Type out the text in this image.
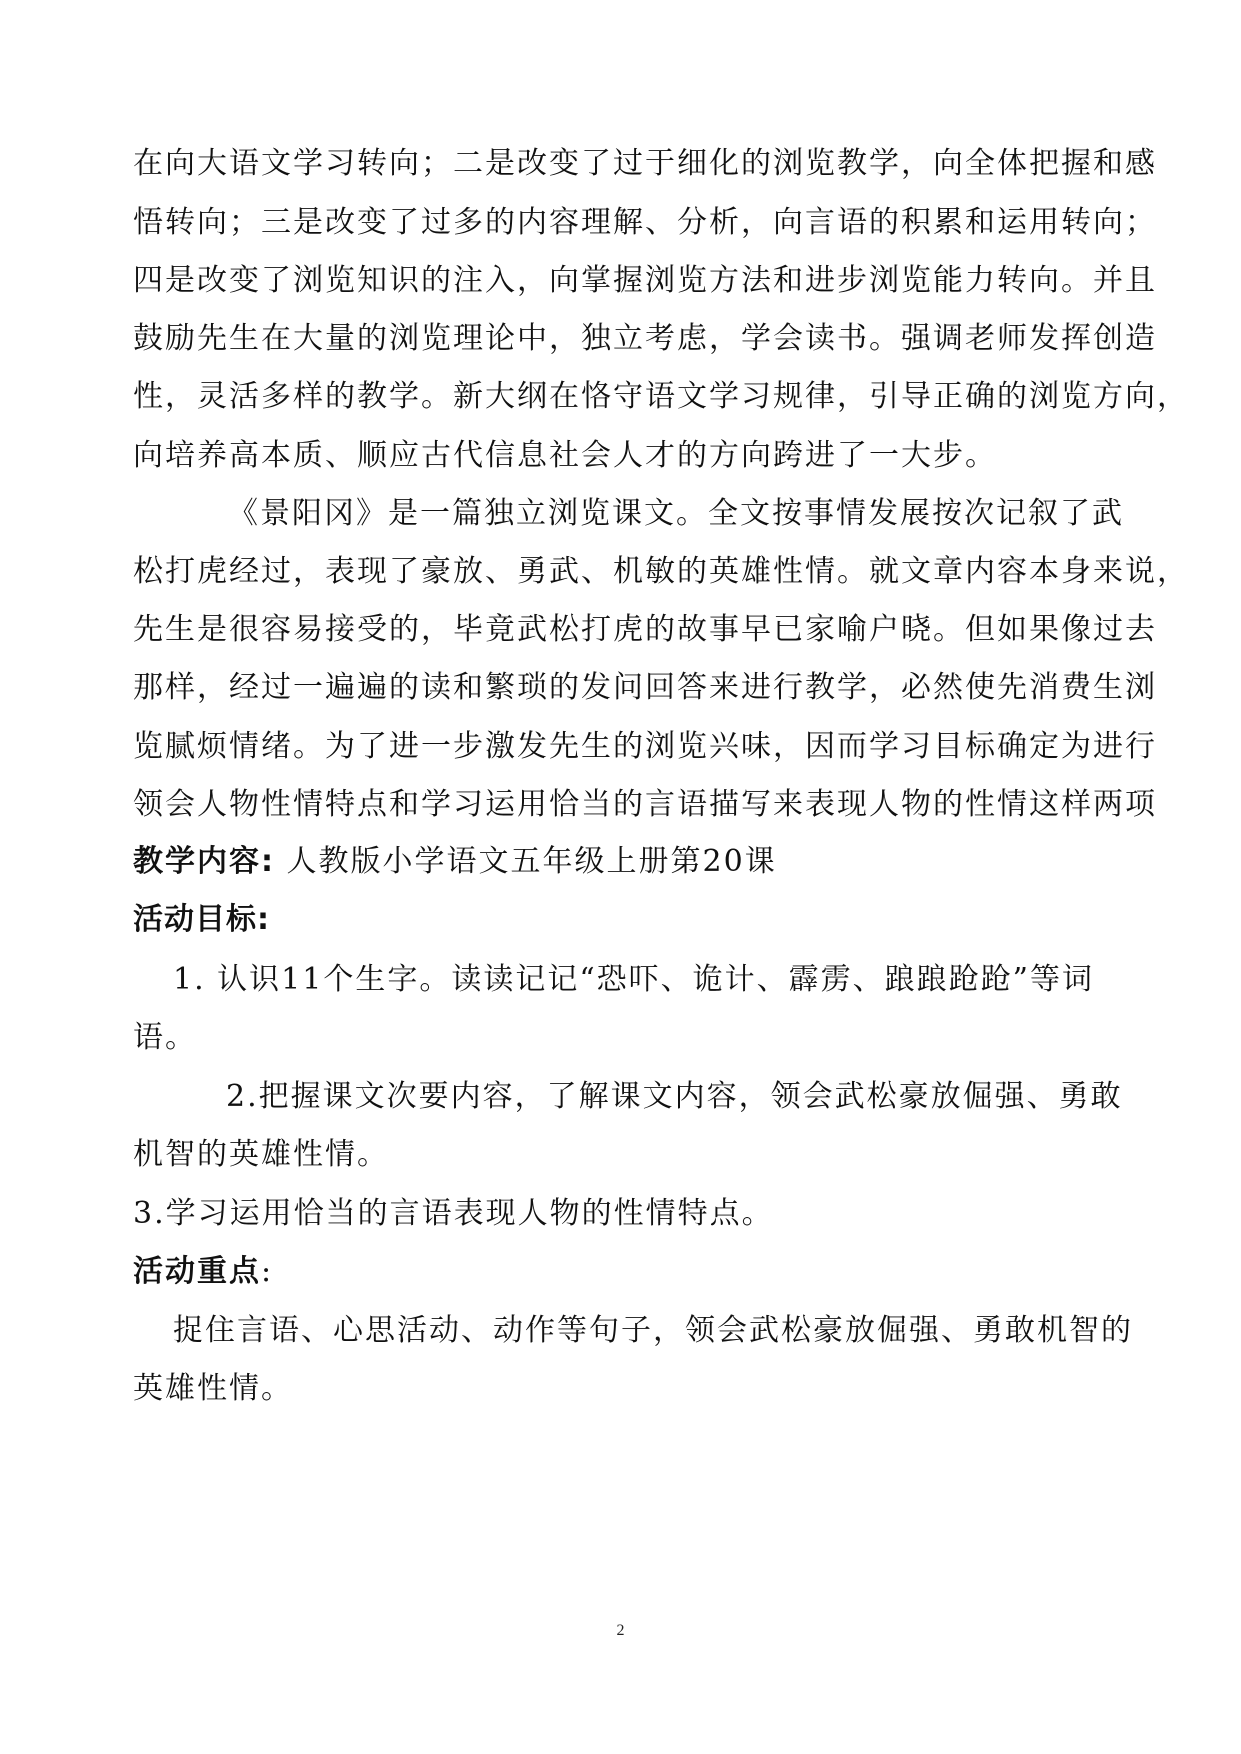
在向大语文学习转向；二是改变了过于细化的浏览教学，向全体把握和感
悟转向；三是改变了过多的内容理解、分析，向言语的积累和运用转向；
四是改变了浏览知识的注入，向掌握浏览方法和进步浏览能力转向。并且
鼓励先生在大量的浏览理论中，独立考虑，学会读书。强调老师发挥创造
性，灵活多样的教学。新大纲在恪守语文学习规律，引导正确的浏览方向，
向培养高本质、顺应古代信息社会人才的方向跨进了一大步。
《景阳冈》是一篇独立浏览课文。全文按事情发展按次记叙了武
松打虎经过，表现了豪放、勇武、机敏的英雄性情。就文章内容本身来说，
先生是很容易接受的，毕竟武松打虎的故事早已家喻户晓。但如果像过去
那样，经过一遍遍的读和繁琐的发问回答来进行教学，必然使先消费生浏
览腻烦情绪。为了进一步激发先生的浏览兴味，因而学习目标确定为进行
领会人物性情特点和学习运用恰当的言语描写来表现人物的性情这样两项
教学内容: 人教版小学语文五年级上册第20课
活动目标:
1. 认识11个生字。读读记记“恐吓、诡计、霹雳、踉踉跄跄”等词
语。
2.把握课文次要内容，了解课文内容，领会武松豪放倔强、勇敢
机智的英雄性情。
3.学习运用恰当的言语表现人物的性情特点。
活动重点:
捉住言语、心思活动、动作等句子，领会武松豪放倔强、勇敢机智的
英雄性情。
2
